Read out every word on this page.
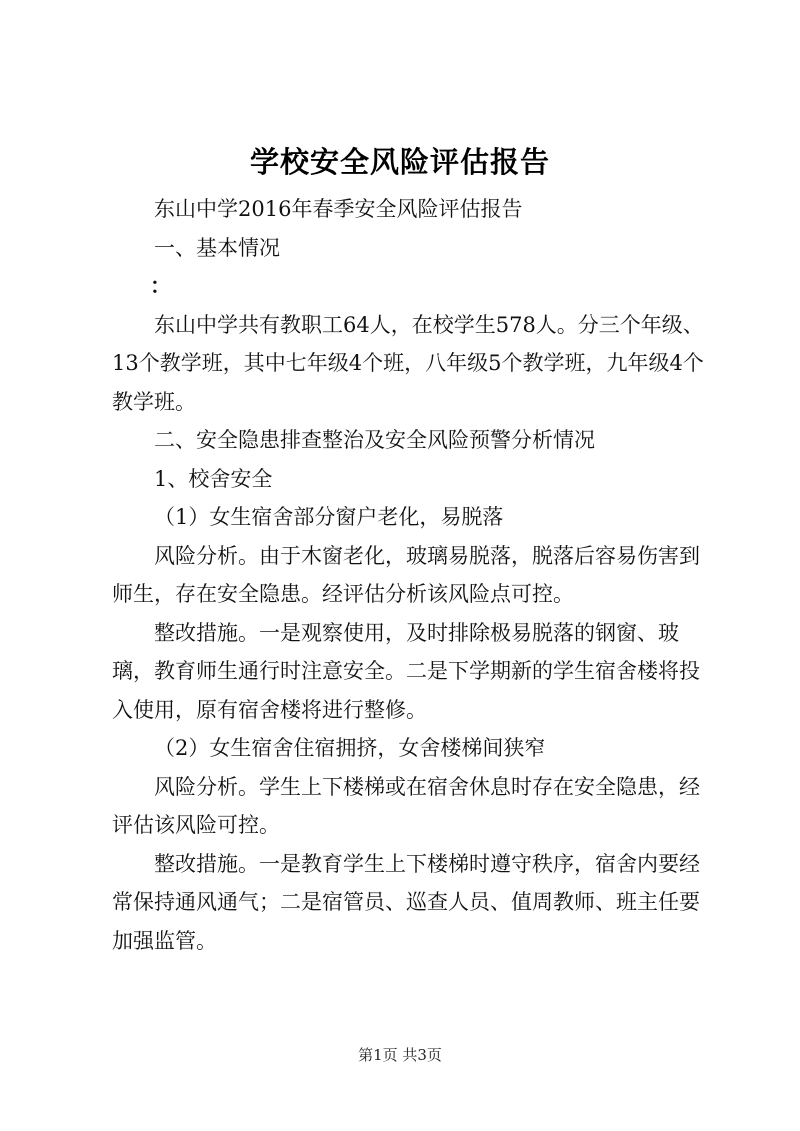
学校安全风险评估报告

东山中学2016年春季安全风险评估报告

一、基本情况

：

东山中学共有教职工64人，在校学生578人。分三个年级、13个教学班，其中七年级4个班，八年级5个教学班，九年级4个教学班。

二、安全隐患排查整治及安全风险预警分析情况

1、校舍安全

（1）女生宿舍部分窗户老化，易脱落

风险分析。由于木窗老化，玻璃易脱落，脱落后容易伤害到师生，存在安全隐患。经评估分析该风险点可控。

整改措施。一是观察使用，及时排除极易脱落的钢窗、玻璃，教育师生通行时注意安全。二是下学期新的学生宿舍楼将投入使用，原有宿舍楼将进行整修。

（2）女生宿舍住宿拥挤，女舍楼梯间狭窄

风险分析。学生上下楼梯或在宿舍休息时存在安全隐患，经评估该风险可控。

整改措施。一是教育学生上下楼梯时遵守秩序，宿舍内要经常保持通风通气；二是宿管员、巡查人员、值周教师、班主任要加强监管。

第1页 共3页
